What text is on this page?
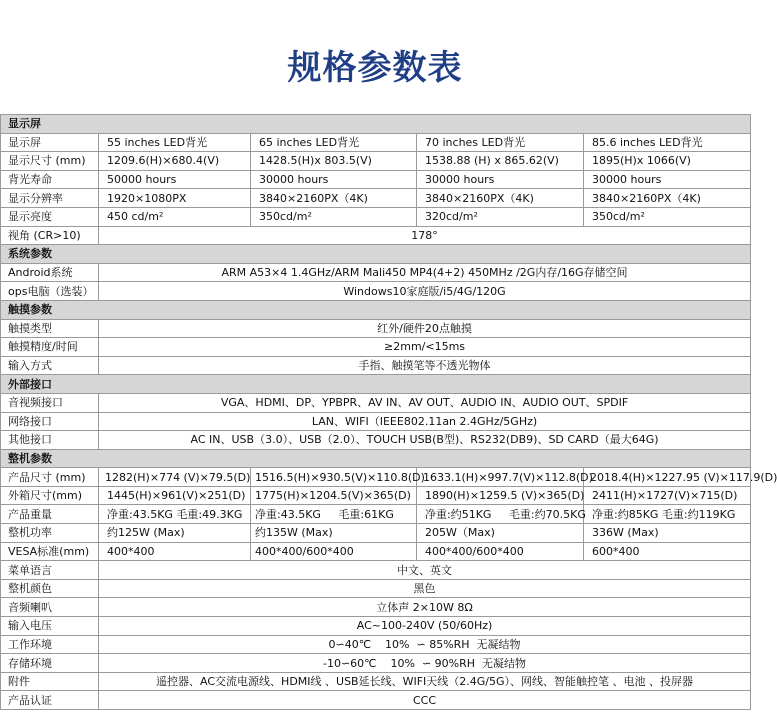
规格参数表
显示屏				
显示屏	55 inches LED背光	65 inches LED背光	70 inches LED背光	85.6 inches LED背光
显示尺寸 (mm)	1209.6(H)×680.4(V)	1428.5(H)x 803.5(V)	1538.88 (H) x 865.62(V)	1895(H)x 1066(V)
背光寿命	50000 hours	30000 hours	30000 hours	30000 hours
显示分辨率	1920×1080PX	3840×2160PX（4K)	3840×2160PX（4K)	3840×2160PX（4K)
显示亮度	450 cd/m²	350cd/m²	320cd/m²	350cd/m²
视角 (CR>10)	178°			
系统参数				
Android系统	ARM A53×4 1.4GHz/ARM Mali450 MP4(4+2) 450MHz /2G内存/16G存储空间			
ops电脑（选装）	Windows10家庭版/i5/4G/120G			
触摸参数				
触摸类型	红外/硬件20点触摸			
触摸精度/时间	≥2mm/<15ms			
输入方式	手指、触摸笔等不透光物体			
外部接口				
音视频接口	VGA、HDMI、DP、YPBPR、AV IN、AV OUT、AUDIO IN、AUDIO OUT、SPDIF			
网络接口	LAN、WIFI（IEEE802.11an 2.4GHz/5GHz)			
其他接口	AC IN、USB（3.0）、USB（2.0）、TOUCH USB(B型)、RS232(DB9)、SD CARD（最大64G)			
整机参数				
产品尺寸 (mm)	1282(H)×774 (V)×79.5(D)	1516.5(H)×930.5(V)×110.8(D)	1633.1(H)×997.7(V)×112.8(D)	2018.4(H)×1227.95 (V)×117.9(D)
外箱尺寸(mm)	1445(H)×961(V)×251(D)	1775(H)×1204.5(V)×365(D)	1890(H)×1259.5 (V)×365(D)	2411(H)×1727(V)×715(D)
产品重量	净重:43.5KG 毛重:49.3KG	净重:43.5KG     毛重:61KG	净重:约51KG     毛重:约70.5KG	净重:约85KG 毛重:约119KG
整机功率	约125W (Max)	约135W (Max)	205W（Max)	336W (Max)
VESA标准(mm)	400*400	400*400/600*400	400*400/600*400	600*400
菜单语言	中文、英文			
整机颜色	黑色			
音频喇叭	立体声 2×10W 8Ω			
输入电压	AC~100-240V (50/60Hz)			
工作环境	0∽40℃    10%  ∽ 85%RH  无凝结物			
存储环境	-10∽60℃    10%  ∽ 90%RH  无凝结物			
附件	遥控器、AC交流电源线、HDMI线 、USB延长线、WIFI天线（2.4G/5G）、网线、智能触控笔 、电池 、投屏器			
产品认证	CCC			
